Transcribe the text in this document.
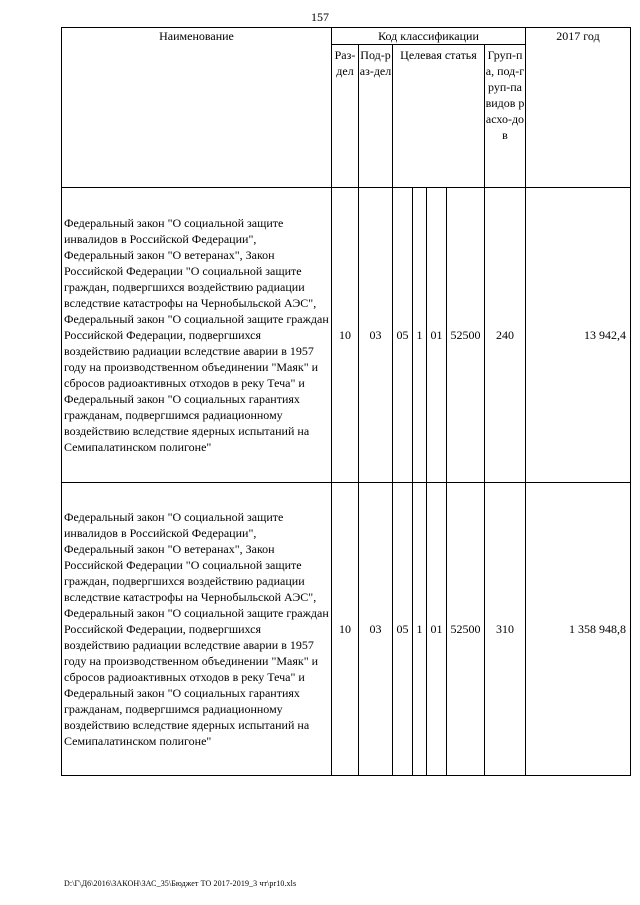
157
Наименование	Код классификации							2017 год
	Раз-дел	Под-раз-дел	Целевая статья				Груп-па, под-груп-па видов расхо-дов	
Федеральный закон "О социальной защите инвалидов в Российской Федерации", Федеральный закон "О ветеранах", Закон Российской Федерации "О социальной защите граждан, подвергшихся воздействию радиации вследствие катастрофы на Чернобыльской АЭС", Федеральный закон "О социальной защите граждан Российской Федерации, подвергшихся воздействию радиации вследствие аварии в 1957 году на производственном объединении "Маяк" и сбросов радиоактивных отходов в реку Теча" и Федеральный закон "О социальных гарантиях гражданам, подвергшимся радиационному воздействию вследствие ядерных испытаний на Семипалатинском полигоне"	10	03	05	1	01	52500	240	13 942,4
Федеральный закон "О социальной защите инвалидов в Российской Федерации", Федеральный закон "О ветеранах", Закон Российской Федерации "О социальной защите граждан, подвергшихся воздействию радиации вследствие катастрофы на Чернобыльской АЭС", Федеральный закон "О социальной защите граждан Российской Федерации, подвергшихся воздействию радиации вследствие аварии в 1957 году на производственном объединении "Маяк" и сбросов радиоактивных отходов в реку Теча" и Федеральный закон "О социальных гарантиях гражданам, подвергшимся радиационному воздействию вследствие ядерных испытаний на Семипалатинском полигоне"	10	03	05	1	01	52500	310	1 358 948,8
D:\Г\Д6\2016\ЗАКОН\ЗАС_35\Бюджет ТО 2017-2019_3 чт\рr10.xls
